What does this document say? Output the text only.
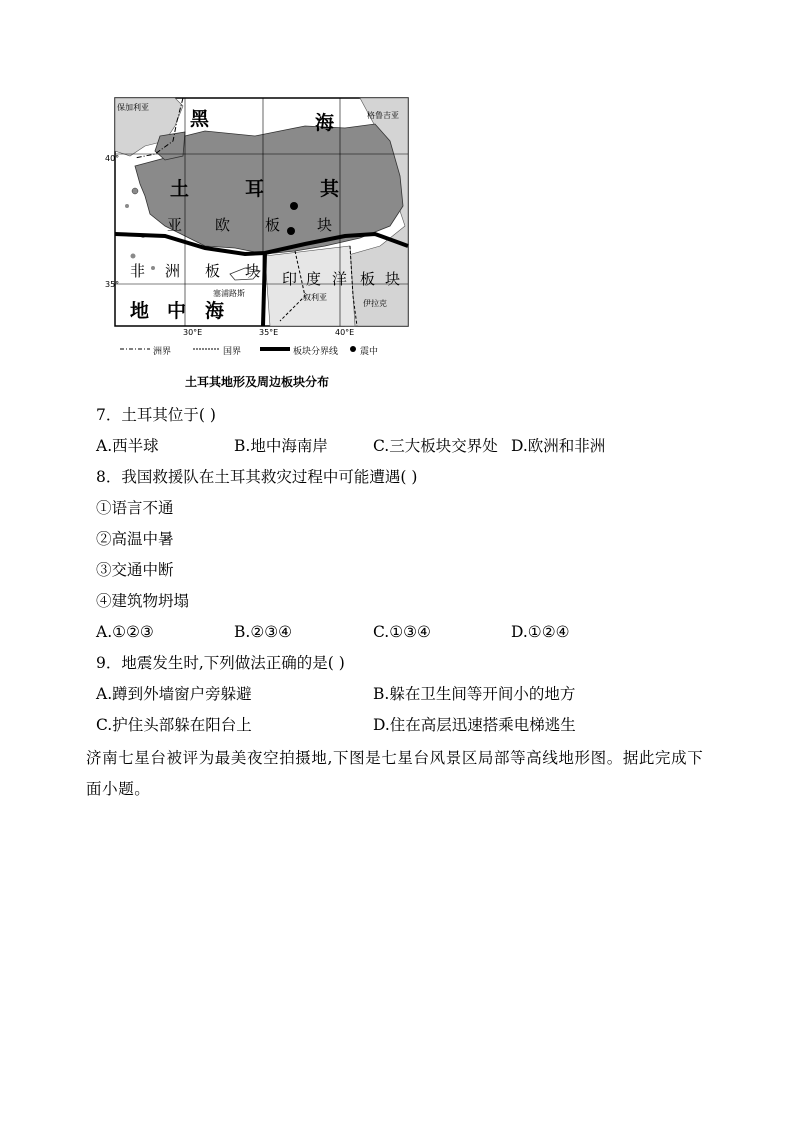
保加利亚
格鲁吉亚
黑	海
40°
35°
土	耳	其
亚 欧 板 块
非 洲 板 块 印 度 洋 板 块
塞浦路斯	叙利亚
伊拉克
地 中 海
30°E	35°E	40°E
洲界	国界	板块分界线 震中
土耳其地形及周边板块分布
7．土耳其位于( )
A.西半球	B.地中海南岸	C.三大板块交界处 D.欧洲和非洲
8．我国救援队在土耳其救灾过程中可能遭遇( )
①语言不通
②高温中暑
③交通中断
④建筑物坍塌
A.①②③	B.②③④	C.①③④	D.①②④
9．地震发生时,下列做法正确的是( )
A.蹲到外墙窗户旁躲避	B.躲在卫生间等开间小的地方
C.护住头部躲在阳台上	D.住在高层迅速搭乘电梯逃生
济南七星台被评为最美夜空拍摄地,下图是七星台风景区局部等高线地形图。据此完成下面小题。
